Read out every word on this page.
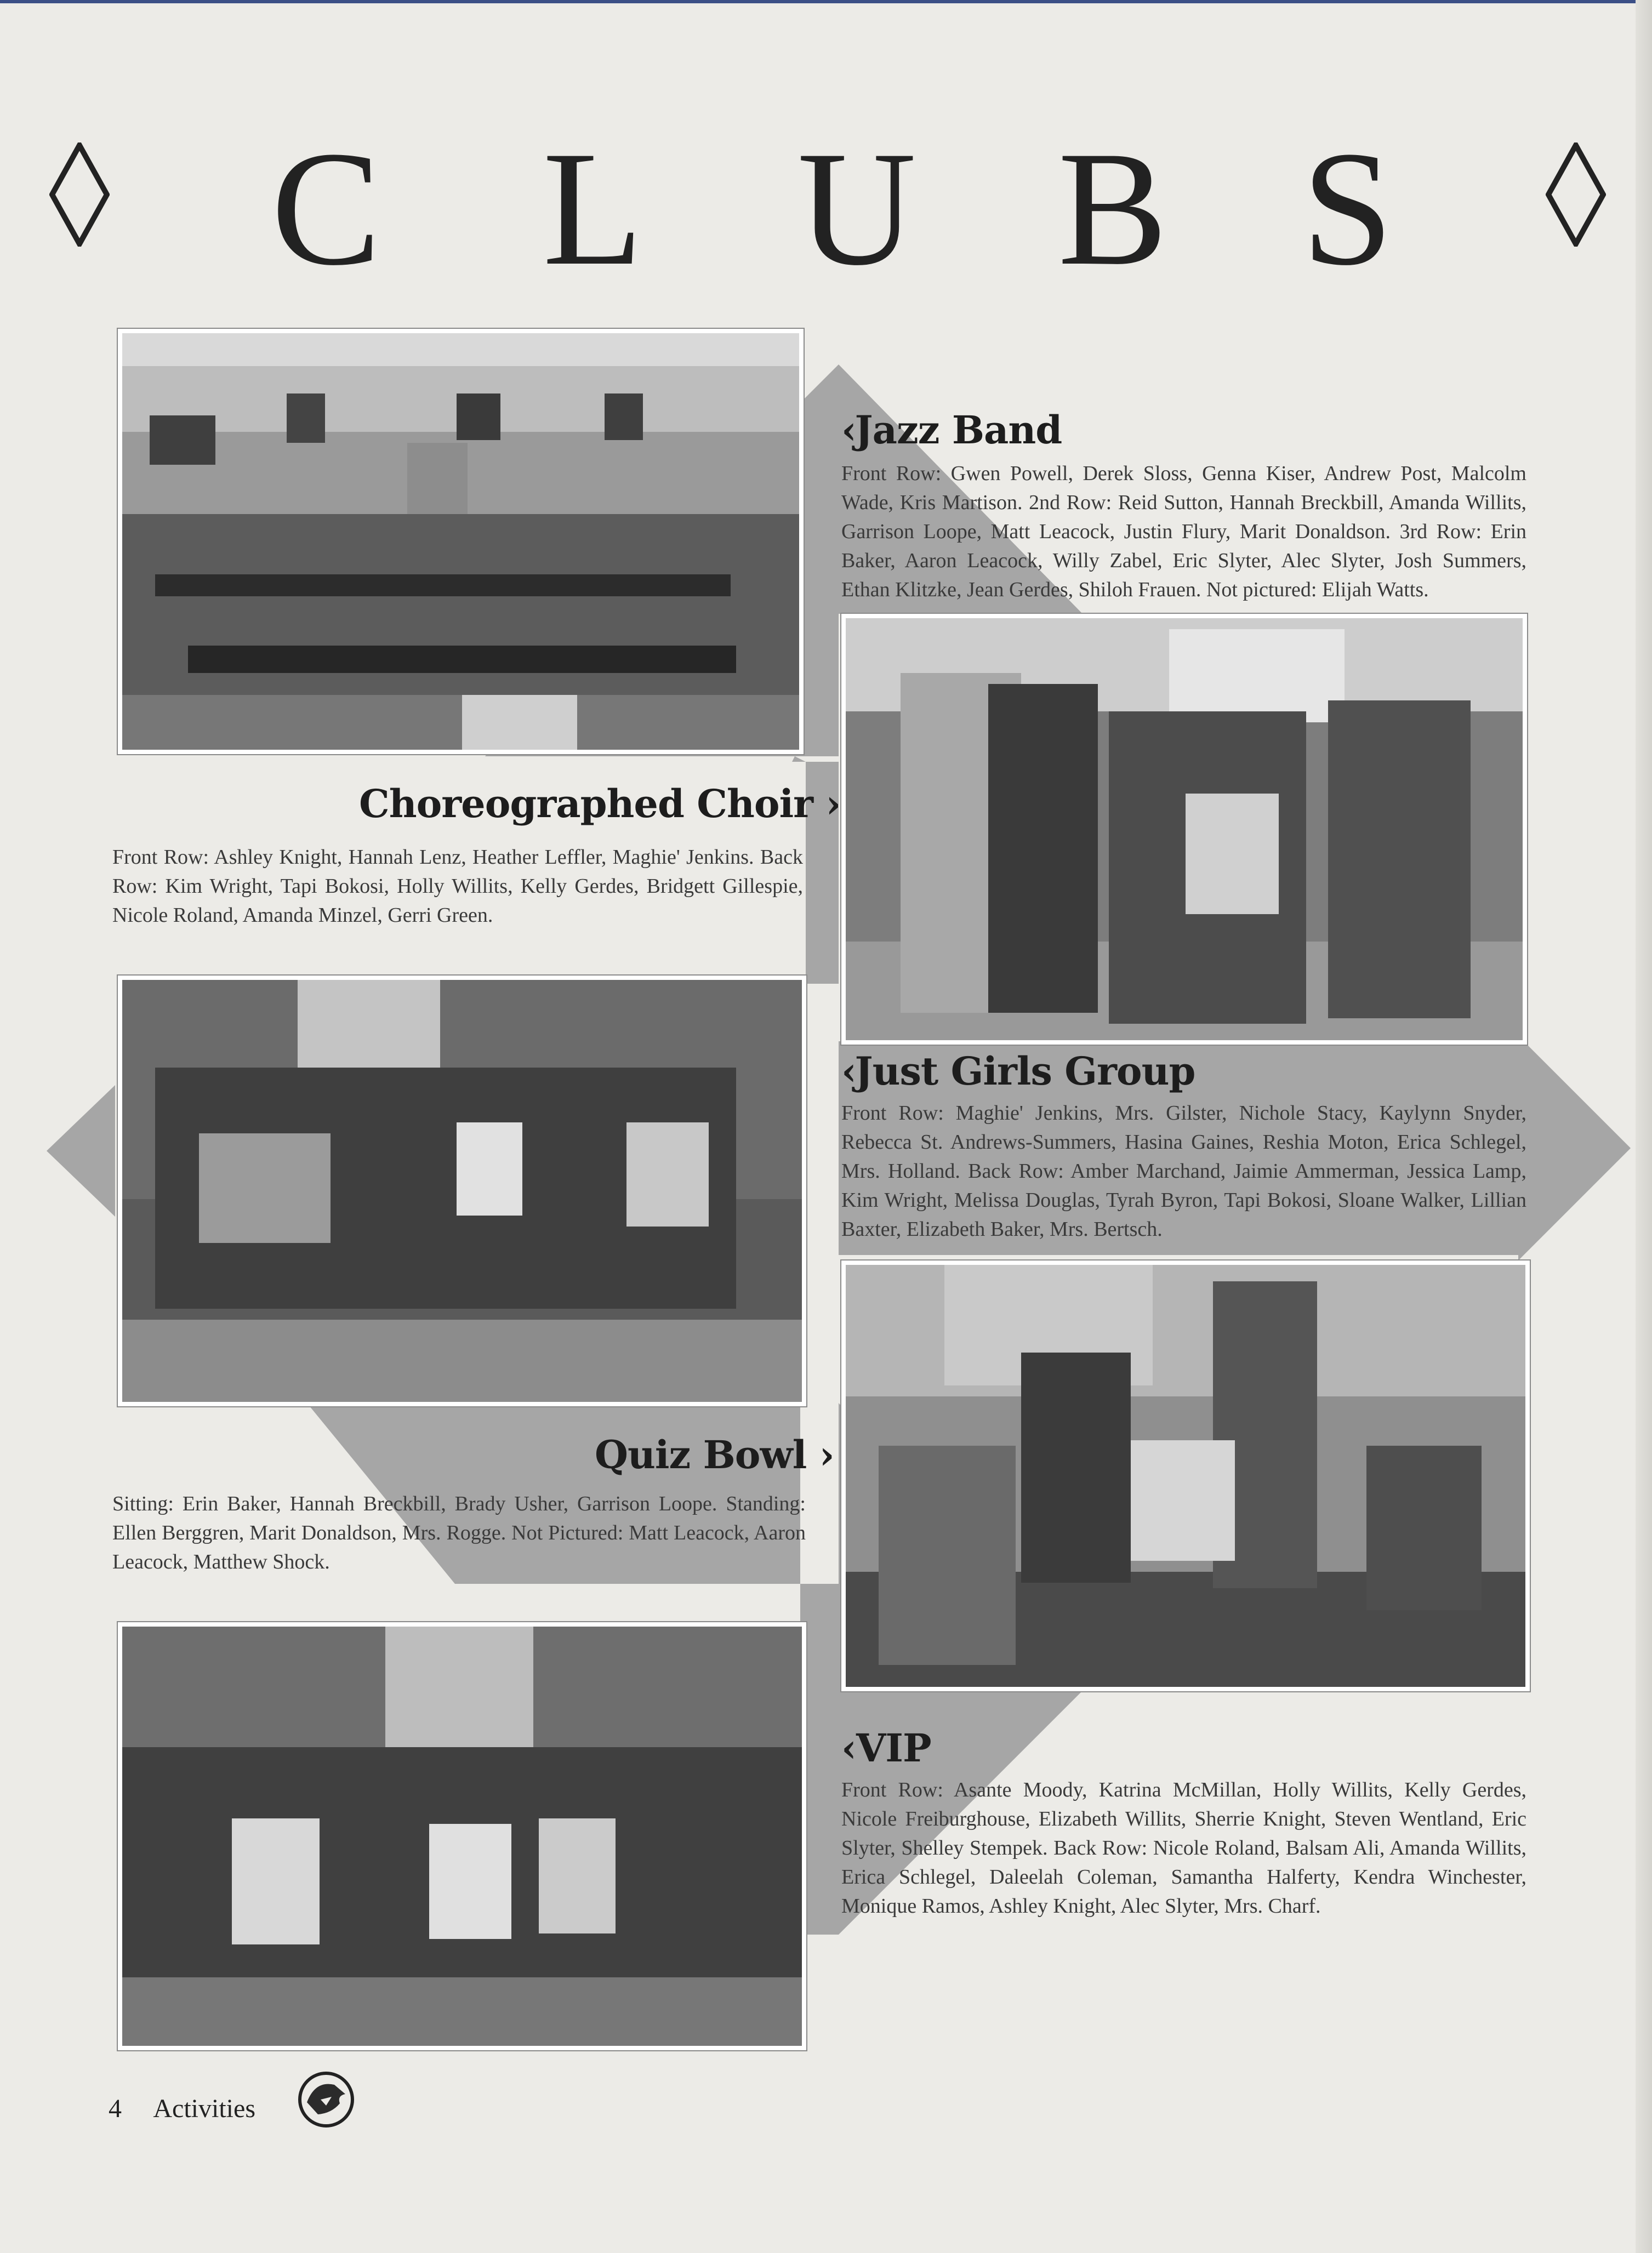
C L U B S
‹Jazz Band
Front Row: Gwen Powell, Derek Sloss, Genna Kiser, Andrew Post, Malcolm Wade, Kris Martison. 2nd Row: Reid Sutton, Hannah Breckbill, Amanda Willits, Garrison Loope, Matt Leacock, Justin Flury, Marit Donaldson. 3rd Row: Erin Baker, Aaron Leacock, Willy Zabel, Eric Slyter, Alec Slyter, Josh Summers, Ethan Klitzke, Jean Gerdes, Shiloh Frauen. Not pictured: Elijah Watts.
Choreographed Choir ›
Front Row: Ashley Knight, Hannah Lenz, Heather Leffler, Maghie' Jenkins. Back Row: Kim Wright, Tapi Bokosi, Holly Willits, Kelly Gerdes, Bridgett Gillespie, Nicole Roland, Amanda Minzel, Gerri Green.
‹Just Girls Group
Front Row: Maghie' Jenkins, Mrs. Gilster, Nichole Stacy, Kaylynn Snyder, Rebecca St. Andrews-Summers, Hasina Gaines, Reshia Moton, Erica Schlegel, Mrs. Holland. Back Row: Amber Marchand, Jaimie Ammerman, Jessica Lamp, Kim Wright, Melissa Douglas, Tyrah Byron, Tapi Bokosi, Sloane Walker, Lillian Baxter, Elizabeth Baker, Mrs. Bertsch.
Quiz Bowl ›
Sitting: Erin Baker, Hannah Breckbill, Brady Usher, Garrison Loope. Standing: Ellen Berggren, Marit Donaldson, Mrs. Rogge. Not Pictured: Matt Leacock, Aaron Leacock, Matthew Shock.
‹VIP
Front Row: Asante Moody, Katrina McMillan, Holly Willits, Kelly Gerdes, Nicole Freiburghouse, Elizabeth Willits, Sherrie Knight, Steven Wentland, Eric Slyter, Shelley Stempek. Back Row: Nicole Roland, Balsam Ali, Amanda Willits, Erica Schlegel, Daleelah Coleman, Samantha Halferty, Kendra Winchester, Monique Ramos, Ashley Knight, Alec Slyter, Mrs. Charf.
4 Activities
